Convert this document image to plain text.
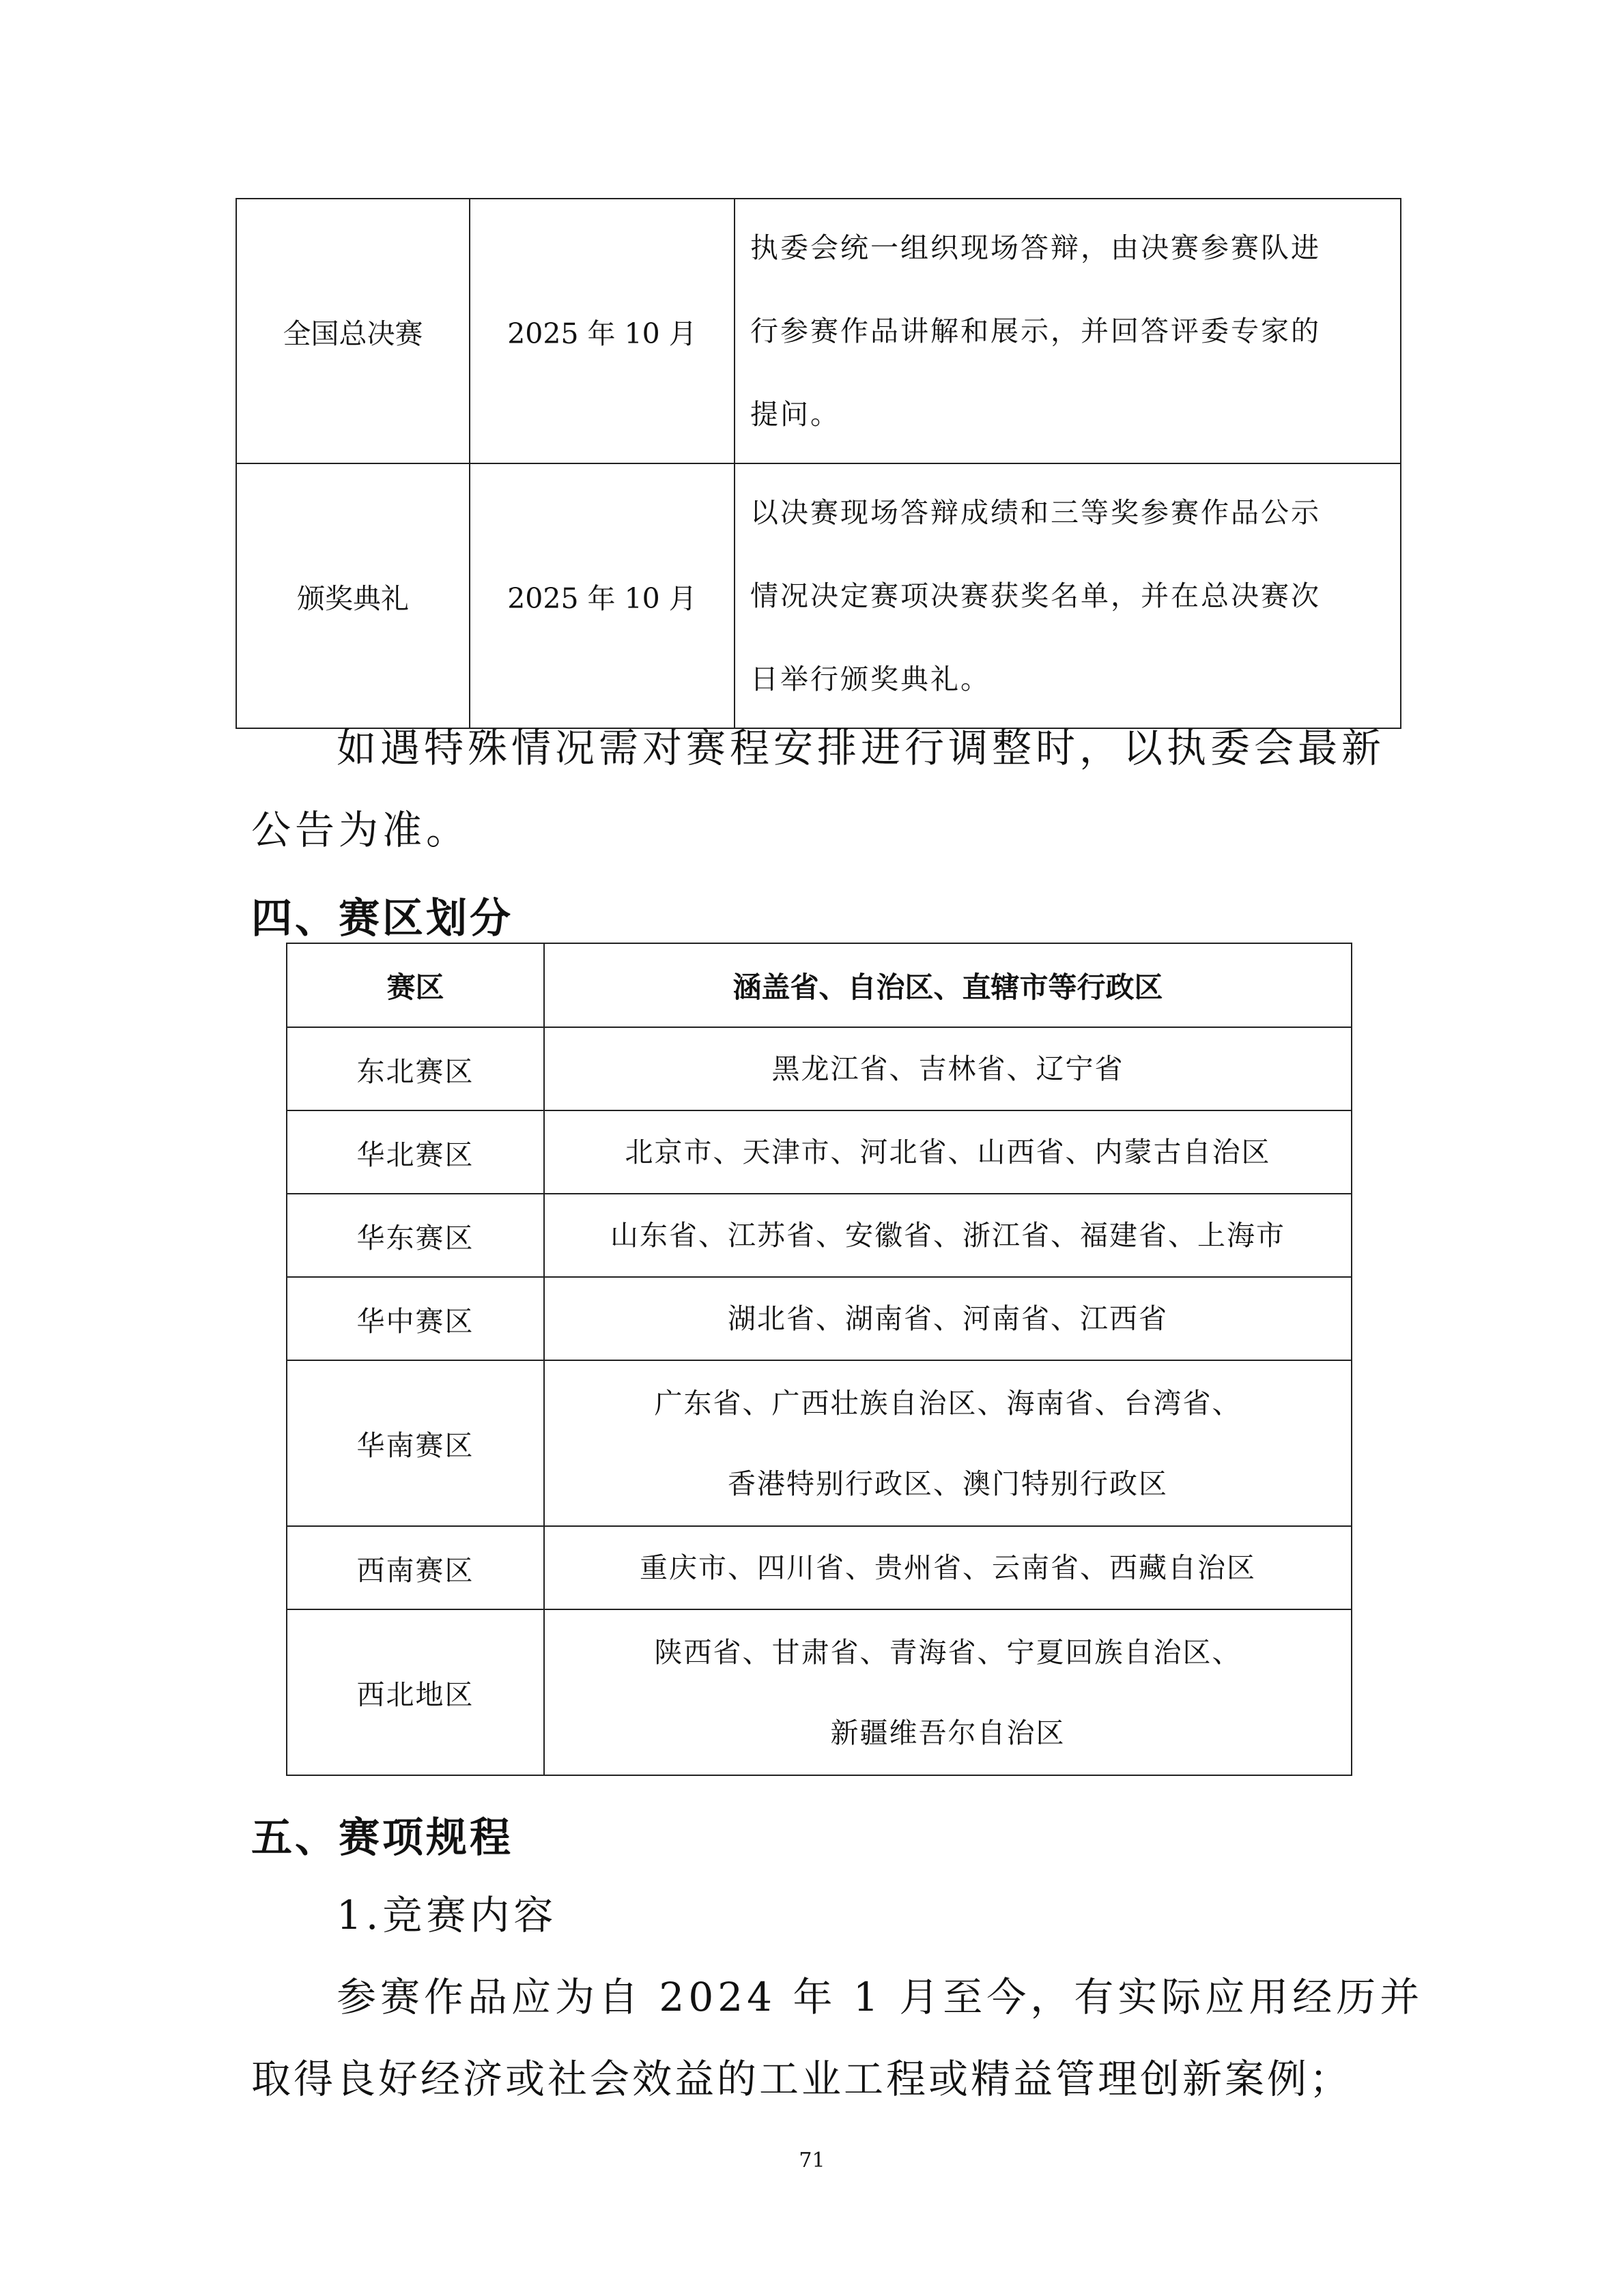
全国总决赛	2025 年 10 月	执委会统一组织现场答辩，由决赛参赛队进
行参赛作品讲解和展示，并回答评委专家的
提问。

颁奖典礼	2025 年 10 月	以决赛现场答辩成绩和三等奖参赛作品公示
情况决定赛项决赛获奖名单，并在总决赛次
日举行颁奖典礼。

如遇特殊情况需对赛程安排进行调整时，以执委会最新

公告为准。

四、赛区划分
赛区	涵盖省、自治区、直辖市等行政区
东北赛区	黑龙江省、吉林省、辽宁省

华北赛区	北京市、天津市、河北省、山西省、内蒙古自治区

华东赛区	山东省、江苏省、安徽省、浙江省、福建省、上海市

华中赛区	湖北省、湖南省、河南省、江西省

华南赛区	广东省、广西壮族自治区、海南省、台湾省、
香港特别行政区、澳门特别行政区

西南赛区	重庆市、四川省、贵州省、云南省、西藏自治区

西北地区	陕西省、甘肃省、青海省、宁夏回族自治区、
新疆维吾尔自治区
五、赛项规程

1.竞赛内容

参赛作品应为自 2024 年 1 月至今，有实际应用经历并

取得良好经济或社会效益的工业工程或精益管理创新案例；

71
